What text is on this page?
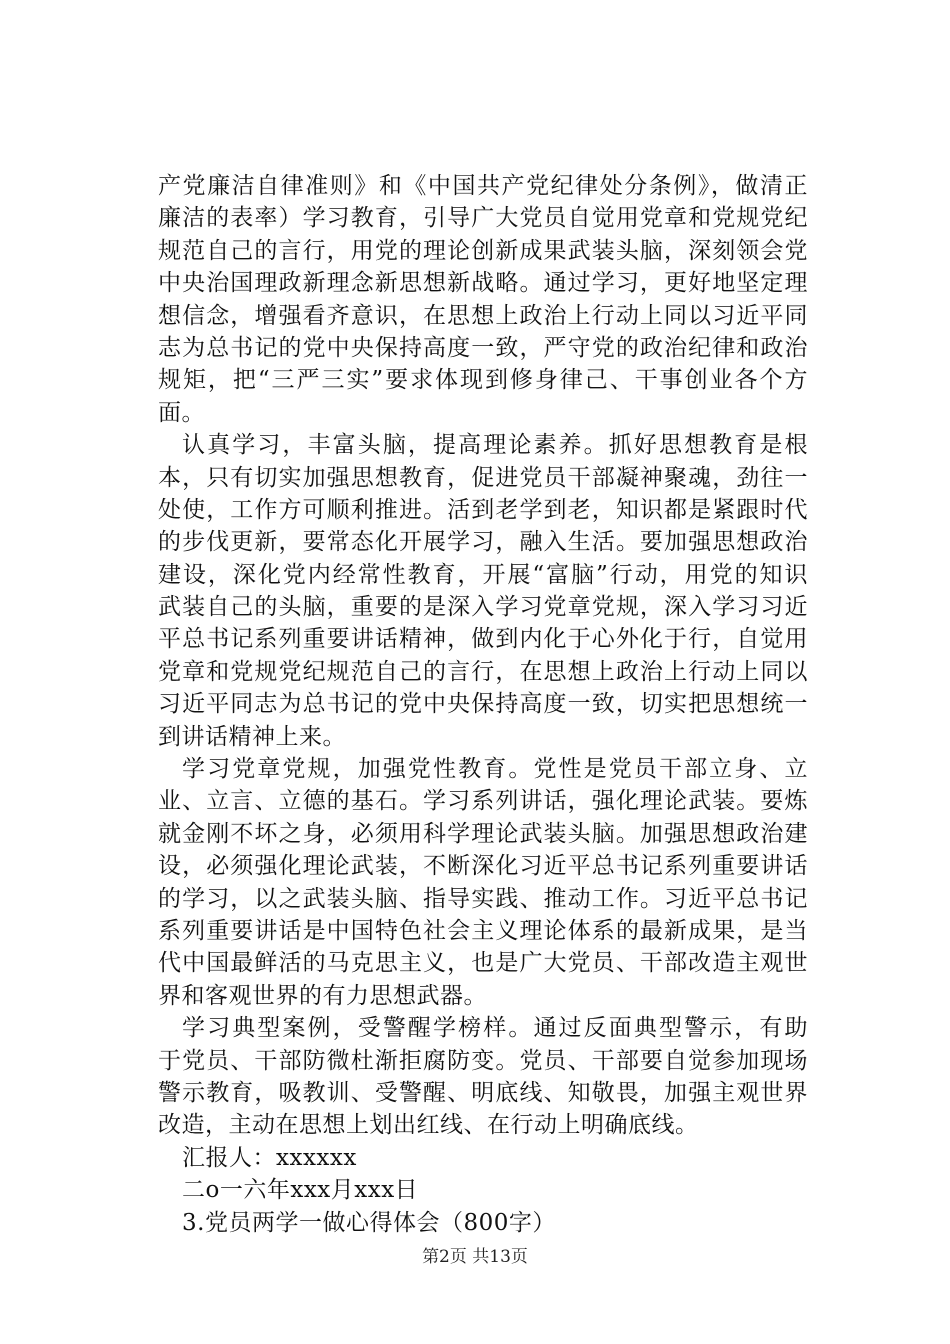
产党廉洁自律准则》和《中国共产党纪律处分条例》，做清正
廉洁的表率）学习教育，引导广大党员自觉用党章和党规党纪
规范自己的言行，用党的理论创新成果武装头脑，深刻领会党
中央治国理政新理念新思想新战略。通过学习，更好地坚定理
想信念，增强看齐意识，在思想上政治上行动上同以习近平同
志为总书记的党中央保持高度一致，严守党的政治纪律和政治
规矩，把“三严三实”要求体现到修身律己、干事创业各个方
面。
认真学习，丰富头脑，提高理论素养。抓好思想教育是根
本，只有切实加强思想教育，促进党员干部凝神聚魂，劲往一
处使，工作方可顺利推进。活到老学到老，知识都是紧跟时代
的步伐更新，要常态化开展学习，融入生活。要加强思想政治
建设，深化党内经常性教育，开展“富脑”行动，用党的知识
武装自己的头脑，重要的是深入学习党章党规，深入学习习近
平总书记系列重要讲话精神，做到内化于心外化于行，自觉用
党章和党规党纪规范自己的言行，在思想上政治上行动上同以
习近平同志为总书记的党中央保持高度一致，切实把思想统一
到讲话精神上来。
学习党章党规，加强党性教育。党性是党员干部立身、立
业、立言、立德的基石。学习系列讲话，强化理论武装。要炼
就金刚不坏之身，必须用科学理论武装头脑。加强思想政治建
设，必须强化理论武装，不断深化习近平总书记系列重要讲话
的学习，以之武装头脑、指导实践、推动工作。习近平总书记
系列重要讲话是中国特色社会主义理论体系的最新成果，是当
代中国最鲜活的马克思主义，也是广大党员、干部改造主观世
界和客观世界的有力思想武器。
学习典型案例，受警醒学榜样。通过反面典型警示，有助
于党员、干部防微杜渐拒腐防变。党员、干部要自觉参加现场
警示教育，吸教训、受警醒、明底线、知敬畏，加强主观世界
改造，主动在思想上划出红线、在行动上明确底线。
汇报人：xxxxxx
二o一六年xxx月xxx日
3.党员两学一做心得体会（800字）
第2页 共13页
